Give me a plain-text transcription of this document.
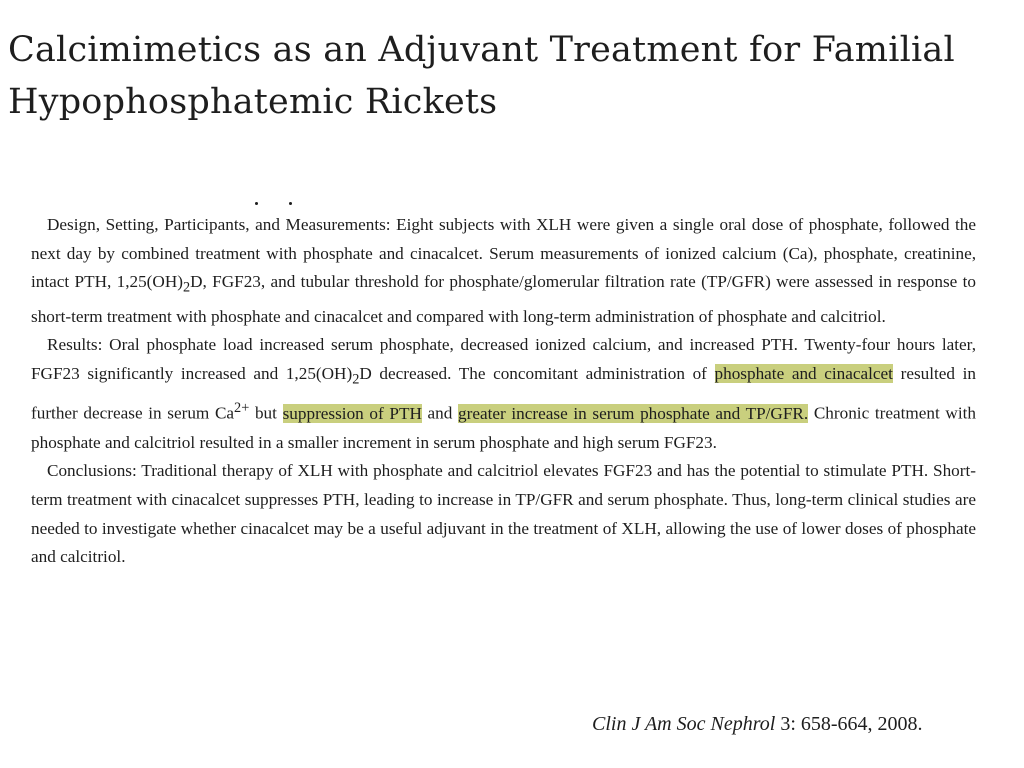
Calcimimetics as an Adjuvant Treatment for Familial
Hypophosphatemic Rickets

Design, Setting, Participants, and Measurements: Eight subjects with XLH were given a single oral dose of phosphate, followed the next day by combined treatment with phosphate and cinacalcet. Serum measurements of ionized calcium (Ca), phosphate, creatinine, intact PTH, $1,25(OH)_2D$, FGF23, and tubular threshold for phosphate/glomerular filtration rate (TP/GFR) were assessed in response to short-term treatment with phosphate and cinacalcet and compared with long-term administration of phosphate and calcitriol.

Results: Oral phosphate load increased serum phosphate, decreased ionized calcium, and increased PTH. Twenty-four hours later, FGF23 significantly increased and $1,25(OH)_2D$ decreased. The concomitant administration of phosphate and cinacalcet resulted in further decrease in serum $Ca^{2+}$ but suppression of PTH and greater increase in serum phosphate and TP/GFR. Chronic treatment with phosphate and calcitriol resulted in a smaller increment in serum phosphate and high serum FGF23.

Conclusions: Traditional therapy of XLH with phosphate and calcitriol elevates FGF23 and has the potential to stimulate PTH. Short-term treatment with cinacalcet suppresses PTH, leading to increase in TP/GFR and serum phosphate. Thus, long-term clinical studies are needed to investigate whether cinacalcet may be a useful adjuvant in the treatment of XLH, allowing the use of lower doses of phosphate and calcitriol.

Clin J Am Soc Nephrol 3: 658-664, 2008.
